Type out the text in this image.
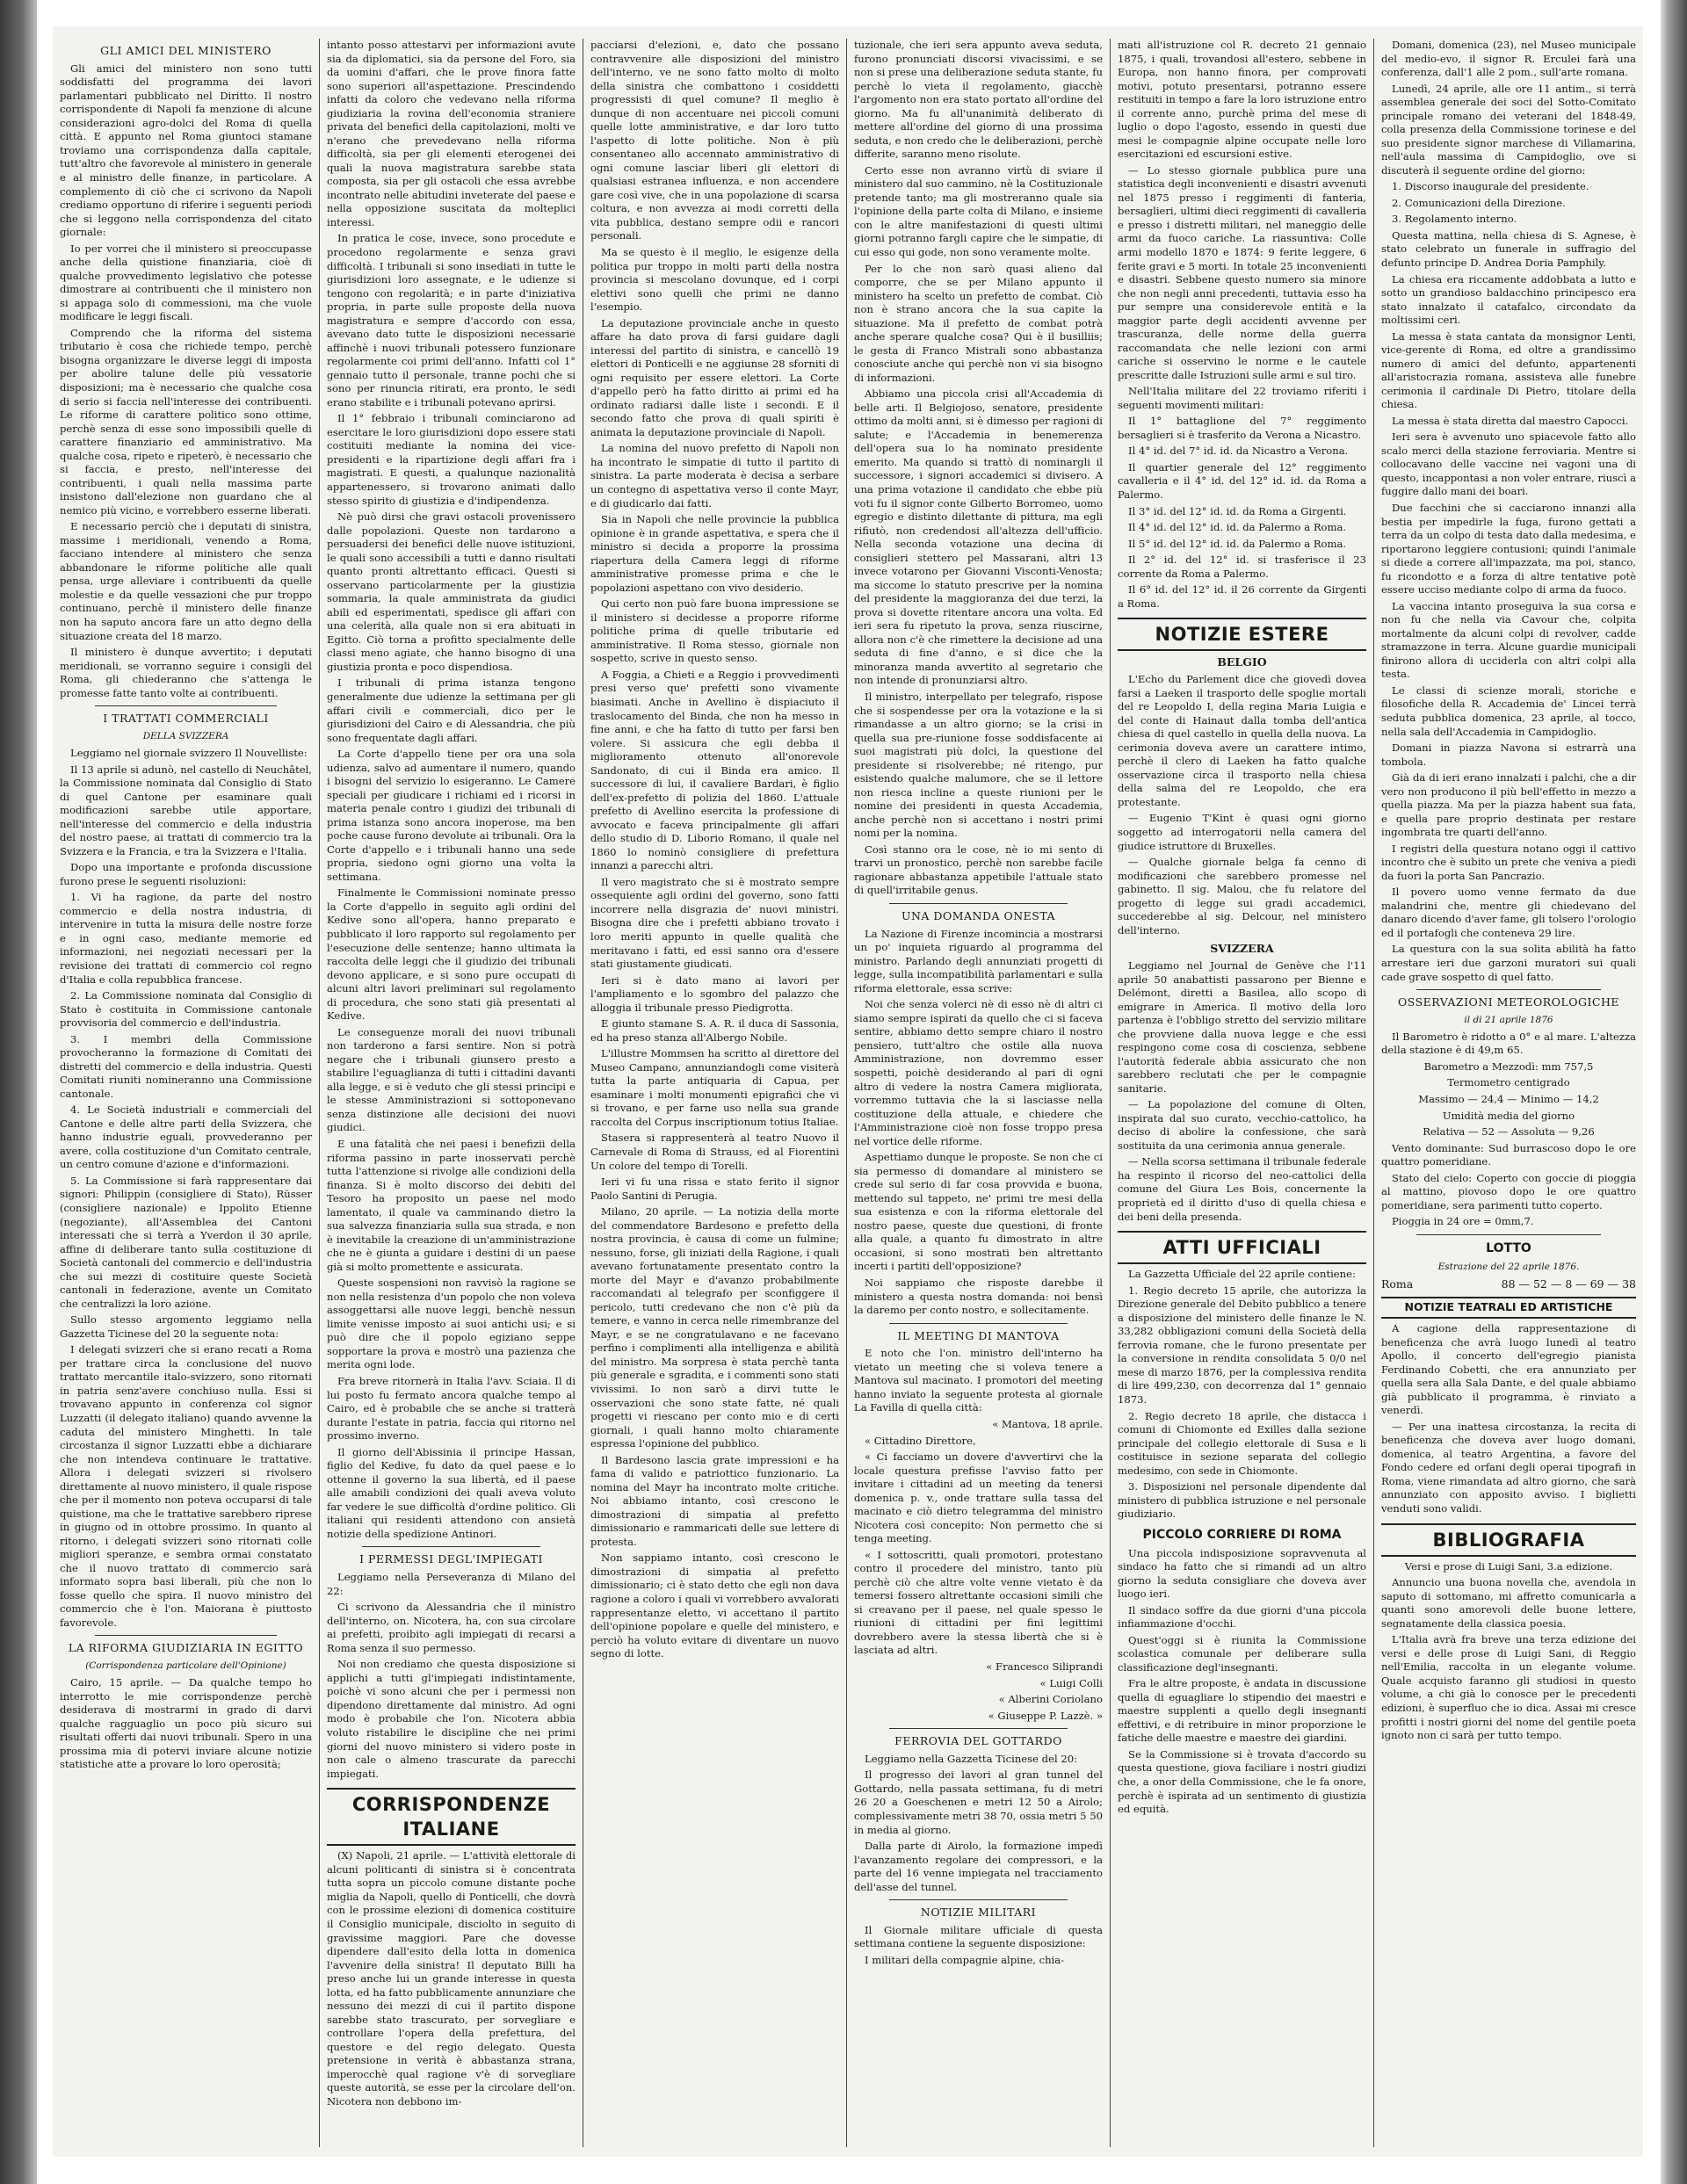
GLI AMICI DEL MINISTERO

Gli amici del ministero non sono tutti soddisfatti del programma dei lavori parlamentari pubblicato nel Diritto. Il nostro corrispondente di Napoli fa menzione di alcune considerazioni agro-dolci del Roma di quella città. E appunto nel Roma giuntoci stamane troviamo una corrispondenza dalla capitale, tutt'altro che favorevole al ministero in generale e al ministro delle finanze, in particolare. A complemento di ciò che ci scrivono da Napoli crediamo opportuno di riferire i seguenti periodi che si leggono nella corrispondenza del citato giornale:

Io per vorrei che il ministero si preoccupasse anche della quistione finanziaria, cioè di qualche provvedimento legislativo che potesse dimostrare ai contribuenti che il ministero non si appaga solo di commessioni, ma che vuole modificare le leggi fiscali.

Comprendo che la riforma del sistema tributario è cosa che richiede tempo, perchè bisogna organizzare le diverse leggi di imposta per abolire talune delle più vessatorie disposizioni; ma è necessario che qualche cosa di serio si faccia nell'interesse dei contribuenti. Le riforme di carattere politico sono ottime, perchè senza di esse sono impossibili quelle di carattere finanziario ed amministrativo. Ma qualche cosa, ripeto e ripeterò, è necessario che si faccia, e presto, nell'interesse dei contribuenti, i quali nella massima parte insistono dall'elezione non guardano che al nemico più vicino, e vorrebbero esserne liberati.

E necessario perciò che i deputati di sinistra, massime i meridionali, venendo a Roma, facciano intendere al ministero che senza abbandonare le riforme politiche alle quali pensa, urge alleviare i contribuenti da quelle molestie e da quelle vessazioni che pur troppo continuano, perchè il ministero delle finanze non ha saputo ancora fare un atto degno della situazione creata del 18 marzo.

Il ministero è dunque avvertito; i deputati meridionali, se vorranno seguire i consigli del Roma, gli chiederanno che s'attenga le promesse fatte tanto volte ai contribuenti.

I TRATTATI COMMERCIALI
DELLA SVIZZERA

Leggiamo nel giornale svizzero Il Nouvelliste:

Il 13 aprile si adunò, nel castello di Neuchâtel, la Commissione nominata dal Consiglio di Stato di quel Cantone per esaminare quali modificazioni sarebbe utile apportare, nell'interesse del commercio e della industria del nostro paese, ai trattati di commercio tra la Svizzera e la Francia, e tra la Svizzera e l'Italia.

Dopo una importante e profonda discussione furono prese le seguenti risoluzioni:

1. Vi ha ragione, da parte del nostro commercio e della nostra industria, di intervenire in tutta la misura delle nostre forze e in ogni caso, mediante memorie ed informazioni, nei negoziati necessari per la revisione dei trattati di commercio col regno d'Italia e colla repubblica francese.

2. La Commissione nominata dal Consiglio di Stato è costituita in Commissione cantonale provvisoria del commercio e dell'industria.

3. I membri della Commissione provocheranno la formazione di Comitati dei distretti del commercio e della industria. Questi Comitati riuniti nomineranno una Commissione cantonale.

4. Le Società industriali e commerciali del Cantone e delle altre parti della Svizzera, che hanno industrie eguali, provvederanno per avere, colla costituzione d'un Comitato centrale, un centro comune d'azione e d'informazioni.

5. La Commissione si farà rappresentare dai signori: Philippin (consigliere di Stato), Rüsser (consigliere nazionale) e Ippolito Etienne (negoziante), all'Assemblea dei Cantoni interessati che si terrà a Yverdon il 30 aprile, affine di deliberare tanto sulla costituzione di Società cantonali del commercio e dell'industria che sui mezzi di costituire queste Società cantonali in federazione, avente un Comitato che centralizzi la loro azione.

Sullo stesso argomento leggiamo nella Gazzetta Ticinese del 20 la seguente nota:

I delegati svizzeri che si erano recati a Roma per trattare circa la conclusione del nuovo trattato mercantile italo-svizzero, sono ritornati in patria senz'avere conchiuso nulla. Essi si trovavano appunto in conferenza col signor Luzzatti (il delegato italiano) quando avvenne la caduta del ministero Minghetti. In tale circostanza il signor Luzzatti ebbe a dichiarare che non intendeva continuare le trattative. Allora i delegati svizzeri si rivolsero direttamente al nuovo ministero, il quale rispose che per il momento non poteva occuparsi di tale quistione, ma che le trattative sarebbero riprese in giugno od in ottobre prossimo. In quanto al ritorno, i delegati svizzeri sono ritornati colle migliori speranze, e sembra ormai constatato che il nuovo trattato di commercio sarà informato sopra basi liberali, più che non lo fosse quello che spira. Il nuovo ministro del commercio che è l'on. Maiorana è piuttosto favorevole.

LA RIFORMA GIUDIZIARIA IN EGITTO
(Corrispondenza particolare dell'Opinione)

Cairo, 15 aprile. — Da qualche tempo ho interrotto le mie corrispondenze perchè desiderava di mostrarmi in grado di darvi qualche ragguaglio un poco più sicuro sui risultati offerti dai nuovi tribunali. Spero in una prossima mia di potervi inviare alcune notizie statistiche atte a provare lo loro operosità;

intanto posso attestarvi per informazioni avute sia da diplomatici, sia da persone del Foro, sia da uomini d'affari, che le prove finora fatte sono superiori all'aspettazione. Prescindendo infatti da coloro che vedevano nella riforma giudiziaria la rovina dell'economia straniere privata del benefici della capitolazioni, molti ve n'erano che prevedevano nella riforma difficoltà, sia per gli elementi eterogenei dei quali la nuova magistratura sarebbe stata composta, sia per gli ostacoli che essa avrebbe incontrato nelle abitudini inveterate del paese e nella opposizione suscitata da molteplici interessi.

In pratica le cose, invece, sono procedute e procedono regolarmente e senza gravi difficoltà. I tribunali si sono insediati in tutte le giurisdizioni loro assegnate, e le udienze si tengono con regolarità; e in parte d'iniziativa propria, in parte sulle proposte della nuova magistratura e sempre d'accordo con essa, avevano dato tutte le disposizioni necessarie affinchè i nuovi tribunali potessero funzionare regolarmente coi primi dell'anno. Infatti col 1° gennaio tutto il personale, tranne pochi che si sono per rinuncia ritirati, era pronto, le sedi erano stabilite e i tribunali potevano aprirsi.

Il 1° febbraio i tribunali cominciarono ad esercitare le loro giurisdizioni dopo essere stati costituiti mediante la nomina dei vice-presidenti e la ripartizione degli affari fra i magistrati. E questi, a qualunque nazionalità appartenessero, si trovarono animati dallo stesso spirito di giustizia e d'indipendenza.

Nè può dirsi che gravi ostacoli provenissero dalle popolazioni. Queste non tardarono a persuadersi dei benefici delle nuove istituzioni, le quali sono accessibili a tutti e danno risultati quanto pronti altrettanto efficaci. Questi si osservano particolarmente per la giustizia sommaria, la quale amministrata da giudici abili ed esperimentati, spedisce gli affari con una celerità, alla quale non si era abituati in Egitto. Ciò torna a profitto specialmente delle classi meno agiate, che hanno bisogno di una giustizia pronta e poco dispendiosa.

I tribunali di prima istanza tengono generalmente due udienze la settimana per gli affari civili e commerciali, dico per le giurisdizioni del Cairo e di Alessandria, che più sono frequentate dagli affari.

La Corte d'appello tiene per ora una sola udienza, salvo ad aumentare il numero, quando i bisogni del servizio lo esigeranno. Le Camere speciali per giudicare i richiami ed i ricorsi in materia penale contro i giudizi dei tribunali di prima istanza sono ancora inoperose, ma ben poche cause furono devolute ai tribunali. Ora la Corte d'appello e i tribunali hanno una sede propria, siedono ogni giorno una volta la settimana.

Finalmente le Commissioni nominate presso la Corte d'appello in seguito agli ordini del Kedive sono all'opera, hanno preparato e pubblicato il loro rapporto sul regolamento per l'esecuzione delle sentenze; hanno ultimata la raccolta delle leggi che il giudizio dei tribunali devono applicare, e si sono pure occupati di alcuni altri lavori preliminari sul regolamento di procedura, che sono stati già presentati al Kedive.

Le conseguenze morali dei nuovi tribunali non tarderono a farsi sentire. Non si potrà negare che i tribunali giunsero presto a stabilire l'eguaglianza di tutti i cittadini davanti alla legge, e si è veduto che gli stessi principi e le stesse Amministrazioni si sottoponevano senza distinzione alle decisioni dei nuovi giudici.

E una fatalità che nei paesi i benefizii della riforma passino in parte inosservati perchè tutta l'attenzione si rivolge alle condizioni della finanza. Si è molto discorso dei debiti del Tesoro ha proposito un paese nel modo lamentato, il quale va camminando dietro la sua salvezza finanziaria sulla sua strada, e non è inevitabile la creazione di un'amministrazione che ne è giunta a guidare i destini di un paese già si molto promettente e assicurata.

Queste sospensioni non ravvisò la ragione se non nella resistenza d'un popolo che non voleva assoggettarsi alle nuove leggi, benchè nessun limite venisse imposto ai suoi antichi usi; e si può dire che il popolo egiziano seppe sopportare la prova e mostrò una pazienza che merita ogni lode.

Fra breve ritornerà in Italia l'avv. Sciaia. Il di lui posto fu fermato ancora qualche tempo al Cairo, ed è probabile che se anche si tratterà durante l'estate in patria, faccia qui ritorno nel prossimo inverno.

Il giorno dell'Abissinia il principe Hassan, figlio del Kedive, fu dato da quel paese e lo ottenne il governo la sua libertà, ed il paese alle amabili condizioni dei quali aveva voluto far vedere le sue difficoltà d'ordine politico. Gli italiani qui residenti attendono con ansietà notizie della spedizione Antinori.

I PERMESSI DEGL'IMPIEGATI

Leggiamo nella Perseveranza di Milano del 22:

Ci scrivono da Alessandria che il ministro dell'interno, on. Nicotera, ha, con sua circolare ai prefetti, proibito agli impiegati di recarsi a Roma senza il suo permesso.

Noi non crediamo che questa disposizione si applichi a tutti gl'impiegati indistintamente, poichè vi sono alcuni che per i permessi non dipendono direttamente dal ministro. Ad ogni modo è probabile che l'on. Nicotera abbia voluto ristabilire le discipline che nei primi giorni del nuovo ministero si videro poste in non cale o almeno trascurate da parecchi impiegati.

CORRISPONDENZE ITALIANE

(X) Napoli, 21 aprile. — L'attività elettorale di alcuni politicanti di sinistra si è concentrata tutta sopra un piccolo comune distante poche miglia da Napoli, quello di Ponticelli, che dovrà con le prossime elezioni di domenica costituire il Consiglio municipale, disciolto in seguito di gravissime maggiori. Pare che dovesse dipendere dall'esito della lotta in domenica l'avvenire della sinistra! Il deputato Billi ha preso anche lui un grande interesse in questa lotta, ed ha fatto pubblicamente annunziare che nessuno dei mezzi di cui il partito dispone sarebbe stato trascurato, per sorvegliare e controllare l'opera della prefettura, del questore e del regio delegato. Questa pretensione in verità è abbastanza strana, imperocchè qual ragione v'è di sorvegliare queste autorità, se esse per la circolare dell'on. Nicotera non debbono im-

pacciarsi d'elezioni, e, dato che possano contravvenire alle disposizioni del ministro dell'interno, ve ne sono fatto molto di molto della sinistra che combattono i cosiddetti progressisti di quel comune? Il meglio è dunque di non accentuare nei piccoli comuni quelle lotte amministrative, e dar loro tutto l'aspetto di lotte politiche. Non è più consentaneo allo accennato amministrativo di ogni comune lasciar liberi gli elettori di qualsiasi estranea influenza, e non accendere gare così vive, che in una popolazione di scarsa coltura, e non avvezza ai modi corretti della vita pubblica, destano sempre odii e rancori personali.

Ma se questo è il meglio, le esigenze della politica pur troppo in molti parti della nostra provincia si mescolano dovunque, ed i corpi elettivi sono quelli che primi ne danno l'esempio.

La deputazione provinciale anche in questo affare ha dato prova di farsi guidare dagli interessi del partito di sinistra, e cancellò 19 elettori di Ponticelli e ne aggiunse 28 sforniti di ogni requisito per essere elettori. La Corte d'appello però ha fatto diritto ai primi ed ha ordinato radiarsi dalle liste i secondi. E il secondo fatto che prova di quali spiriti è animata la deputazione provinciale di Napoli.

La nomina del nuovo prefetto di Napoli non ha incontrato le simpatie di tutto il partito di sinistra. La parte moderata è decisa a serbare un contegno di aspettativa verso il conte Mayr, e di giudicarlo dai fatti.

Sia in Napoli che nelle provincie la pubblica opinione è in grande aspettativa, e spera che il ministro si decida a proporre la prossima riapertura della Camera leggi di riforme amministrative promesse prima e che le popolazioni aspettano con vivo desiderio.

Qui certo non può fare buona impressione se il ministero si decidesse a proporre riforme politiche prima di quelle tributarie ed amministrative. Il Roma stesso, giornale non sospetto, scrive in questo senso.

A Foggia, a Chieti e a Reggio i provvedimenti presi verso que' prefetti sono vivamente biasimati. Anche in Avellino è dispiaciuto il traslocamento del Binda, che non ha messo in fine anni, e che ha fatto di tutto per farsi ben volere. Si assicura che egli debba il miglioramento ottenuto all'onorevole Sandonato, di cui il Binda era amico. Il successore di lui, il cavaliere Bardari, è figlio dell'ex-prefetto di polizia del 1860. L'attuale prefetto di Avellino esercita la professione di avvocato e faceva principalmente gli affari dello studio di D. Liborio Romano, il quale nel 1860 lo nominò consigliere di prefettura innanzi a parecchi altri.

Il vero magistrato che si è mostrato sempre ossequiente agli ordini del governo, sono fatti incorrere nella disgrazia de' nuovi ministri. Bisogna dire che i prefetti abbiano trovato i loro meriti appunto in quelle qualità che meritavano i fatti, ed essi sanno ora d'essere stati giustamente giudicati.

Ieri si è dato mano ai lavori per l'ampliamento e lo sgombro del palazzo che alloggia il tribunale presso Piedigrotta.

E giunto stamane S. A. R. il duca di Sassonia, ed ha preso stanza all'Albergo Nobile.

L'illustre Mommsen ha scritto al direttore del Museo Campano, annunziandogli come visiterà tutta la parte antiquaria di Capua, per esaminare i molti monumenti epigrafici che vi si trovano, e per farne uso nella sua grande raccolta del Corpus inscriptionum totius Italiae.

Stasera si rappresenterà al teatro Nuovo il Carnevale di Roma di Strauss, ed al Fiorentini Un colore del tempo di Torelli.

Ieri vi fu una rissa e stato ferito il signor Paolo Santini di Perugia.

Milano, 20 aprile. — La notizia della morte del commendatore Bardesono e prefetto della nostra provincia, è causa di come un fulmine; nessuno, forse, gli iniziati della Ragione, i quali avevano fortunatamente presentato contro la morte del Mayr e d'avanzo probabilmente raccomandati al telegrafo per sconfiggere il pericolo, tutti credevano che non c'è più da temere, e vanno in cerca nelle rimembranze del Mayr, e se ne congratulavano e ne facevano perfino i complimenti alla intelligenza e abilità del ministro. Ma sorpresa è stata perchè tanta più generale e sgradita, e i commenti sono stati vivissimi. Io non sarò a dirvi tutte le osservazioni che sono state fatte, né quali progetti vi riescano per conto mio e di certi giornali, i quali hanno molto chiaramente espressa l'opinione del pubblico.

Il Bardesono lascia grate impressioni e ha fama di valido e patriottico funzionario. La nomina del Mayr ha incontrato molte critiche. Noi abbiamo intanto, così crescono le dimostrazioni di simpatia al prefetto dimissionario e rammaricati delle sue lettere di protesta.

Non sappiamo intanto, così crescono le dimostrazioni di simpatia al prefetto dimissionario; ci è stato detto che egli non dava ragione a coloro i quali vi vorrebbero avvalorati rappresentanze eletto, vi accettano il partito dell'opinione popolare e quelle del ministero, e perciò ha voluto evitare di diventare un nuovo segno di lotte.

tuzionale, che ieri sera appunto aveva seduta, furono pronunciati discorsi vivacissimi, e se non si prese una deliberazione seduta stante, fu perchè lo vieta il regolamento, giacchè l'argomento non era stato portato all'ordine del giorno. Ma fu all'unanimità deliberato di mettere all'ordine del giorno di una prossima seduta, e non credo che le deliberazioni, perchè differite, saranno meno risolute.

Certo esse non avranno virtù di sviare il ministero dal suo cammino, nè la Costituzionale pretende tanto; ma gli mostreranno quale sia l'opinione della parte colta di Milano, e insieme con le altre manifestazioni di questi ultimi giorni potranno fargli capire che le simpatie, di cui esso qui gode, non sono veramente molte.

Per lo che non sarò quasi alieno dal comporre, che se per Milano appunto il ministero ha scelto un prefetto de combat. Ciò non è strano ancora che la sua capite la situazione. Ma il prefetto de combat potrà anche sperare qualche cosa? Qui è il busilliis; le gesta di Franco Mistrali sono abbastanza conosciute anche qui perchè non vi sia bisogno di informazioni.

Abbiamo una piccola crisi all'Accademia di belle arti. Il Belgiojoso, senatore, presidente ottimo da molti anni, si è dimesso per ragioni di salute; e l'Accademia in benemerenza dell'opera sua lo ha nominato presidente emerito. Ma quando si trattò di nominargli il successore, i signori accademici si divisero. A una prima votazione il candidato che ebbe più voti fu il signor conte Gilberto Borromeo, uomo egregio e distinto dilettante di pittura, ma egli rifiutò, non credendosi all'altezza dell'ufficio. Nella seconda votazione una decina di consiglieri stettero pel Massarani, altri 13 invece votarono per Giovanni Visconti-Venosta; ma siccome lo statuto prescrive per la nomina del presidente la maggioranza dei due terzi, la prova si dovette ritentare ancora una volta. Ed ieri sera fu ripetuto la prova, senza riuscirne, allora non c'è che rimettere la decisione ad una seduta di fine d'anno, e si dice che la minoranza manda avvertito al segretario che non intende di pronunziarsi altro.

Il ministro, interpellato per telegrafo, rispose che si sospendesse per ora la votazione e la si rimandasse a un altro giorno; se la crisi in quella sua pre-riunione fosse soddisfacente ai suoi magistrati più dolci, la questione del presidente si risolverebbe; né ritengo, pur esistendo qualche malumore, che se il lettore non riesca incline a queste riunioni per le nomine dei presidenti in questa Accademia, anche perchè non si accettano i nostri primi nomi per la nomina.

Così stanno ora le cose, nè io mi sento di trarvi un pronostico, perchè non sarebbe facile ragionare abbastanza appetibile l'attuale stato di quell'irritabile genus.

UNA DOMANDA ONESTA

La Nazione di Firenze incomincia a mostrarsi un po' inquieta riguardo al programma del ministro. Parlando degli annunziati progetti di legge, sulla incompatibilità parlamentari e sulla riforma elettorale, essa scrive:

Noi che senza volerci nè di esso nè di altri ci siamo sempre ispirati da quello che ci si faceva sentire, abbiamo detto sempre chiaro il nostro pensiero, tutt'altro che ostile alla nuova Amministrazione, non dovremmo esser sospetti, poichè desiderando al pari di ogni altro di vedere la nostra Camera migliorata, vorremmo tuttavia che la si lasciasse nella costituzione della attuale, e chiedere che l'Amministrazione cioè non fosse troppo presa nel vortice delle riforme.

Aspettiamo dunque le proposte. Se non che ci sia permesso di domandare al ministero se crede sul serio di far cosa provvida e buona, mettendo sul tappeto, ne' primi tre mesi della sua esistenza e con la riforma elettorale del nostro paese, queste due questioni, di fronte alla quale, a quanto fu dimostrato in altre occasioni, si sono mostrati ben altrettanto incerti i partiti dell'opposizione?

Noi sappiamo che risposte darebbe il ministero a questa nostra domanda: noi bensì la daremo per conto nostro, e sollecitamente.

IL MEETING DI MANTOVA

E noto che l'on. ministro dell'interno ha vietato un meeting che si voleva tenere a Mantova sul macinato. I promotori del meeting hanno inviato la seguente protesta al giornale La Favilla di quella città:

« Mantova, 18 aprile.

« Cittadino Direttore,

« Ci facciamo un dovere d'avvertirvi che la locale questura prefisse l'avviso fatto per invitare i cittadini ad un meeting da tenersi domenica p. v., onde trattare sulla tassa del macinato e ciò dietro telegramma del ministro Nicotera così concepito: Non permetto che si tenga meeting.

« I sottoscritti, quali promotori, protestano contro il procedere del ministro, tanto più perchè ciò che altre volte venne vietato è da temersi fossero altrettante occasioni simili che si creavano per il paese, nel quale spesso le riunioni di cittadini per fini legittimi dovrebbero avere la stessa libertà che si è lasciata ad altri.

« Francesco Siliprandi

« Luigi Colli

« Alberini Coriolano

« Giuseppe P. Lazzè. »

FERROVIA DEL GOTTARDO

Leggiamo nella Gazzetta Ticinese del 20:

Il progresso dei lavori al gran tunnel del Gottardo, nella passata settimana, fu di metri 26 20 a Goeschenen e metri 12 50 a Airolo; complessivamente metri 38 70, ossia metri 5 50 in media al giorno.

Dalla parte di Airolo, la formazione impedì l'avanzamento regolare dei compressori, e la parte del 16 venne impiegata nel tracciamento dell'asse del tunnel.

NOTIZIE MILITARI

Il Giornale militare ufficiale di questa settimana contiene la seguente disposizione:

I militari della compagnie alpine, chia-

mati all'istruzione col R. decreto 21 gennaio 1875, i quali, trovandosi all'estero, sebbene in Europa, non hanno finora, per comprovati motivi, potuto presentarsi, potranno essere restituiti in tempo a fare la loro istruzione entro il corrente anno, purchè prima del mese di luglio o dopo l'agosto, essendo in questi due mesi le compagnie alpine occupate nelle loro esercitazioni ed escursioni estive.

— Lo stesso giornale pubblica pure una statistica degli inconvenienti e disastri avvenuti nel 1875 presso i reggimenti di fanteria, bersaglieri, ultimi dieci reggimenti di cavalleria e presso i distretti militari, nel maneggio delle armi da fuoco cariche. La riassuntiva: Colle armi modello 1870 e 1874: 9 ferite leggere, 6 ferite gravi e 5 morti. In totale 25 inconvenienti e disastri. Sebbene questo numero sia minore che non negli anni precedenti, tuttavia esso ha pur sempre una considerevole entità e la maggior parte degli accidenti avvenne per trascuranza, delle norme della guerra raccomandata che nelle lezioni con armi cariche si osservino le norme e le cautele prescritte dalle Istruzioni sulle armi e sul tiro.

Nell'Italia militare del 22 troviamo riferiti i seguenti movimenti militari:

Il 1° battaglione del 7° reggimento bersaglieri si è trasferito da Verona a Nicastro.

Il 4° id. del 7° id. id. da Nicastro a Verona.

Il quartier generale del 12° reggimento cavalleria e il 4° id. del 12° id. id. da Roma a Palermo.

Il 3° id. del 12° id. id. da Roma a Girgenti.

Il 4° id. del 12° id. id. da Palermo a Roma.

Il 5° id. del 12° id. id. da Palermo a Roma.

Il 2° id. del 12° id. si trasferisce il 23 corrente da Roma a Palermo.

Il 6° id. del 12° id. il 26 corrente da Girgenti a Roma.

NOTIZIE ESTERE
BELGIO

L'Echo du Parlement dice che giovedì dovea farsi a Laeken il trasporto delle spoglie mortali del re Leopoldo I, della regina Maria Luigia e del conte di Hainaut dalla tomba dell'antica chiesa di quel castello in quella della nuova. La cerimonia doveva avere un carattere intimo, perchè il clero di Laeken ha fatto qualche osservazione circa il trasporto nella chiesa della salma del re Leopoldo, che era protestante.

— Eugenio T'Kint è quasi ogni giorno soggetto ad interrogatorii nella camera del giudice istruttore di Bruxelles.

— Qualche giornale belga fa cenno di modificazioni che sarebbero promesse nel gabinetto. Il sig. Malou, che fu relatore del progetto di legge sui gradi accademici, succederebbe al sig. Delcour, nel ministero dell'interno.

SVIZZERA

Leggiamo nel Journal de Genève che l'11 aprile 50 anabattisti passarono per Bienne e Delémont, diretti a Basilea, allo scopo di emigrare in America. Il motivo della loro partenza è l'obbligo stretto del servizio militare che provviene dalla nuova legge e che essi respingono come cosa di coscienza, sebbene l'autorità federale abbia assicurato che non sarebbero reclutati che per le compagnie sanitarie.

— La popolazione del comune di Olten, inspirata dal suo curato, vecchio-cattolico, ha deciso di abolire la confessione, che sarà sostituita da una cerimonia annua generale.

— Nella scorsa settimana il tribunale federale ha respinto il ricorso del neo-cattolici della comune del Giura Les Bois, concernente la proprietà ed il diritto d'uso di quella chiesa e dei beni della presenda.

ATTI UFFICIALI

La Gazzetta Ufficiale del 22 aprile contiene:

1. Regio decreto 15 aprile, che autorizza la Direzione generale del Debito pubblico a tenere a disposizione del ministero delle finanze le N. 33,282 obbligazioni comuni della Società della ferrovia romane, che le furono presentate per la conversione in rendita consolidata 5 0/0 nel mese di marzo 1876, per la complessiva rendita di lire 499,230, con decorrenza dal 1° gennaio 1873.

2. Regio decreto 18 aprile, che distacca i comuni di Chiomonte ed Exilles dalla sezione principale del collegio elettorale di Susa e li costituisce in sezione separata del collegio medesimo, con sede in Chiomonte.

3. Disposizioni nel personale dipendente dal ministero di pubblica istruzione e nel personale giudiziario.

PICCOLO CORRIERE DI ROMA

Una piccola indisposizione sopravvenuta al sindaco ha fatto che si rimandi ad un altro giorno la seduta consigliare che doveva aver luogo ieri.

Il sindaco soffre da due giorni d'una piccola infiammazione d'occhi.

Quest'oggi si è riunita la Commissione scolastica comunale per deliberare sulla classificazione degl'insegnanti.

Fra le altre proposte, è andata in discussione quella di eguagliare lo stipendio dei maestri e maestre supplenti a quello degli insegnanti effettivi, e di retribuire in minor proporzione le fatiche delle maestre e maestre dei giardini.

Se la Commissione si è trovata d'accordo su questa questione, giova faciliare i nostri giudizi che, a onor della Commissione, che le fa onore, perchè è ispirata ad un sentimento di giustizia ed equità.

Domani, domenica (23), nel Museo municipale del medio-evo, il signor R. Erculei farà una conferenza, dall'1 alle 2 pom., sull'arte romana.

Lunedì, 24 aprile, alle ore 11 antim., si terrà assemblea generale dei soci del Sotto-Comitato principale romano dei veterani del 1848-49, colla presenza della Commissione torinese e del suo presidente signor marchese di Villamarina, nell'aula massima di Campidoglio, ove si discuterà il seguente ordine del giorno:

1. Discorso inaugurale del presidente.

2. Comunicazioni della Direzione.

3. Regolamento interno.

Questa mattina, nella chiesa di S. Agnese, è stato celebrato un funerale in suffragio del defunto principe D. Andrea Doria Pamphily.

La chiesa era riccamente addobbata a lutto e sotto un grandioso baldacchino principesco era stato innalzato il catafalco, circondato da moltissimi ceri.

La messa è stata cantata da monsignor Lenti, vice-gerente di Roma, ed oltre a grandissimo numero di amici del defunto, appartenenti all'aristocrazia romana, assisteva alle funebre cerimonia il cardinale Di Pietro, titolare della chiesa.

La messa è stata diretta dal maestro Capocci.

Ieri sera è avvenuto uno spiacevole fatto allo scalo merci della stazione ferroviaria. Mentre si collocavano delle vaccine nei vagoni una di questo, incappontasi a non voler entrare, riuscì a fuggire dallo mani dei boari.

Due facchini che si cacciarono innanzi alla bestia per impedirle la fuga, furono gettati a terra da un colpo di testa dato dalla medesima, e riportarono leggiere contusioni; quindi l'animale si diede a correre all'impazzata, ma poi, stanco, fu ricondotto e a forza di altre tentative potè essere ucciso mediante colpo di arma da fuoco.

La vaccina intanto proseguiva la sua corsa e non fu che nella via Cavour che, colpita mortalmente da alcuni colpi di revolver, cadde stramazzone in terra. Alcune guardie municipali finirono allora di ucciderla con altri colpi alla testa.

Le classi di scienze morali, storiche e filosofiche della R. Accademia de' Lincei terrà seduta pubblica domenica, 23 aprile, al tocco, nella sala dell'Accademia in Campidoglio.

Domani in piazza Navona si estrarrà una tombola.

Già da di ieri erano innalzati i palchi, che a dir vero non producono il più bell'effetto in mezzo a quella piazza. Ma per la piazza habent sua fata, e quella pare proprio destinata per restare ingombrata tre quarti dell'anno.

I registri della questura notano oggi il cattivo incontro che è subito un prete che veniva a piedi da fuori la porta San Pancrazio.

Il povero uomo venne fermato da due malandrini che, mentre gli chiedevano del danaro dicendo d'aver fame, gli tolsero l'orologio ed il portafogli che conteneva 29 lire.

La questura con la sua solita abilità ha fatto arrestare ieri due garzoni muratori sui quali cade grave sospetto di quel fatto.

OSSERVAZIONI METEOROLOGICHE
il di 21 aprile 1876

Il Barometro è ridotto a 0° e al mare. L'altezza della stazione è di 49,m 65.

Barometro a Mezzodì: mm 757,5

Termometro centigrado

Massimo — 24,4 — Minimo — 14,2

Umidità media del giorno

Relativa — 52 — Assoluta — 9,26

Vento dominante: Sud burrascoso dopo le ore quattro pomeridiane.

Stato del cielo: Coperto con goccie di pioggia al mattino, piovoso dopo le ore quattro pomeridiane, sera parimenti tutto coperto.

Pioggia in 24 ore = 0mm,7.

LOTTO
Estrazione del 22 aprile 1876.
Roma	88 — 52 — 8 — 69 — 38
NOTIZIE TEATRALI ED ARTISTICHE

A cagione della rappresentazione di beneficenza che avrà luogo lunedì al teatro Apollo, il concerto dell'egregio pianista Ferdinando Cobetti, che era annunziato per quella sera alla Sala Dante, e del quale abbiamo già pubblicato il programma, è rinviato a venerdì.

— Per una inattesa circostanza, la recita di beneficenza che doveva aver luogo domani, domenica, al teatro Argentina, a favore del Fondo cedere ed orfani degli operai tipografi in Roma, viene rimandata ad altro giorno, che sarà annunziato con apposito avviso. I biglietti venduti sono validi.

BIBLIOGRAFIA

Versi e prose di Luigi Sani, 3.a edizione.

Annuncio una buona novella che, avendola in saputo di sottomano, mi affretto comunicarla a quanti sono amorevoli delle buone lettere, segnatamente della classica poesia.

L'Italia avrà fra breve una terza edizione dei versi e delle prose di Luigi Sani, di Reggio nell'Emilia, raccolta in un elegante volume. Quale acquisto faranno gli studiosi in questo volume, a chi già lo conosce per le precedenti edizioni, è superfluo che io dica. Assai mi cresce profitti i nostri giorni del nome del gentile poeta ignoto non ci sarà per tutto tempo.
